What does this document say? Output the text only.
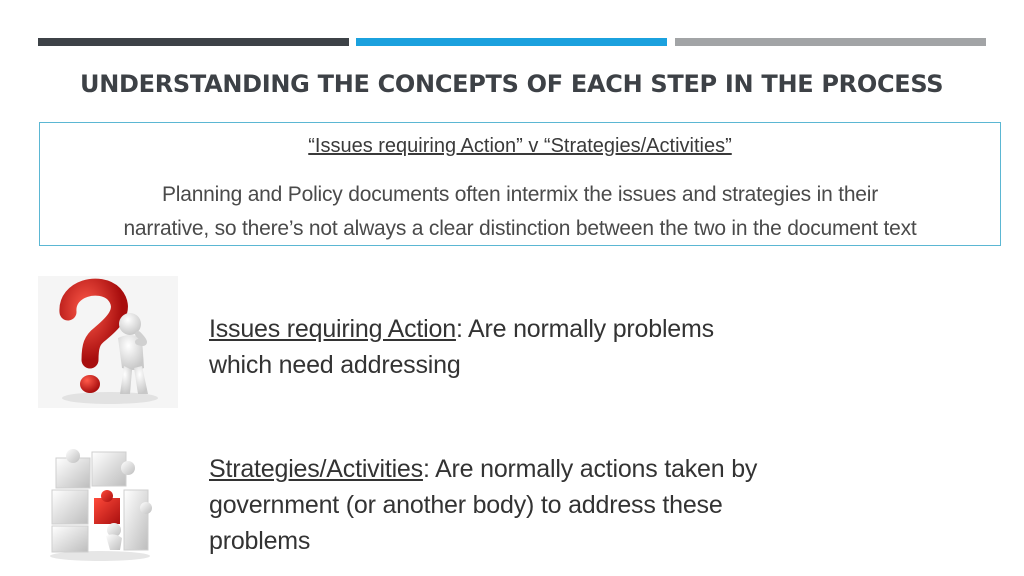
UNDERSTANDING THE CONCEPTS OF EACH STEP IN THE PROCESS
“Issues requiring Action” v “Strategies/Activities”
Planning and Policy documents often intermix the issues and strategies in their
narrative, so there’s not always a clear distinction between the two in the document text
Issues requiring Action: Are normally problems
which need addressing
Strategies/Activities: Are normally actions taken by
government (or another body) to address these
problems
